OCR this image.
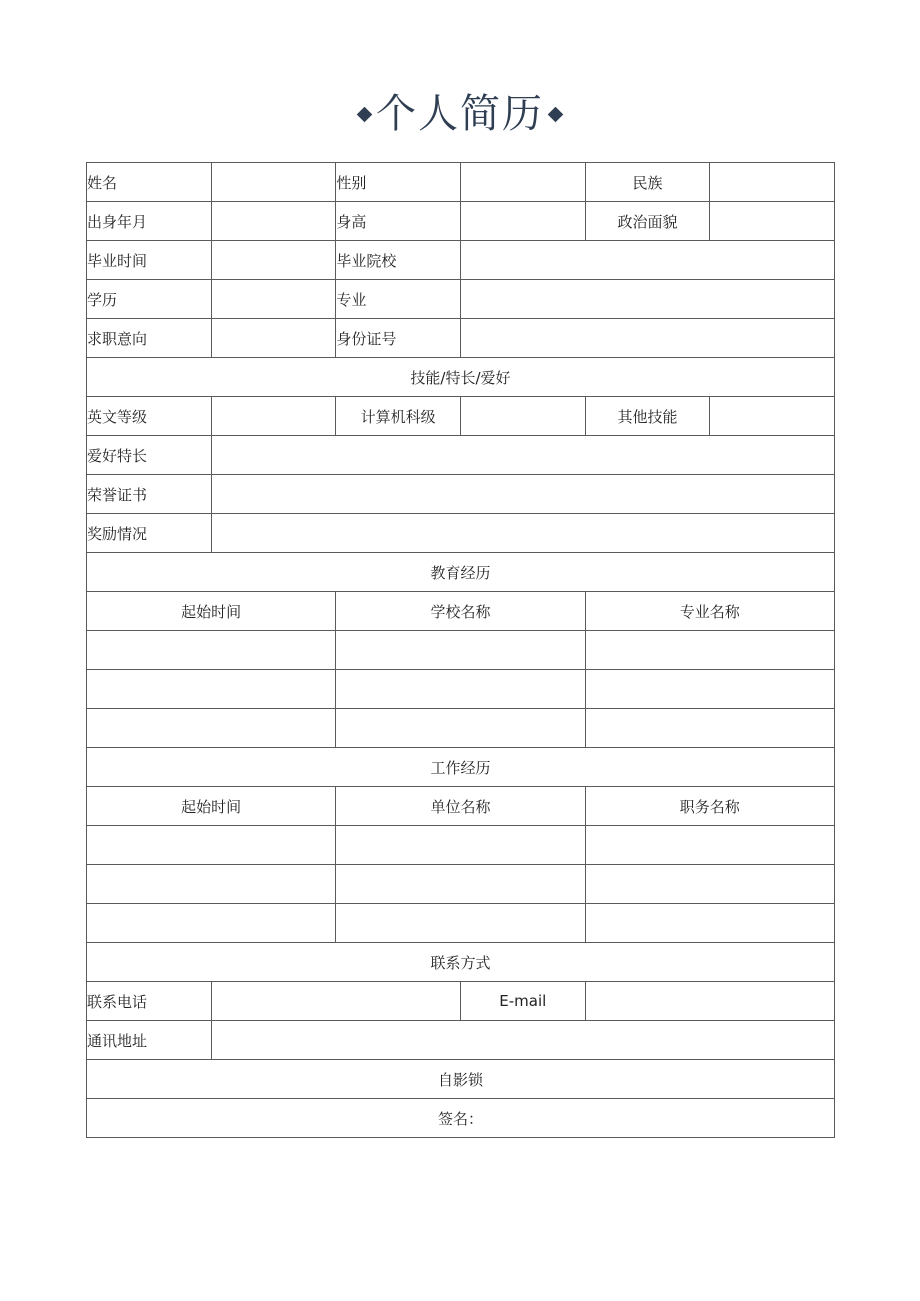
个人简历
姓名		性别		民族	
出身年月		身高		政治面貌	
毕业时间		毕业院校			
学历		专业			
求职意向		身份证号			
技能/特长/爱好					
英文等级		计算机科级		其他技能	
爱好特长					
荣誉证书					
奖励情况					
教育经历					
起始时间		学校名称		专业名称	

工作经历					
起始时间		单位名称		职务名称	

联系方式					
联系电话			E-mail		
通讯地址					
自影锁					
签名：					
